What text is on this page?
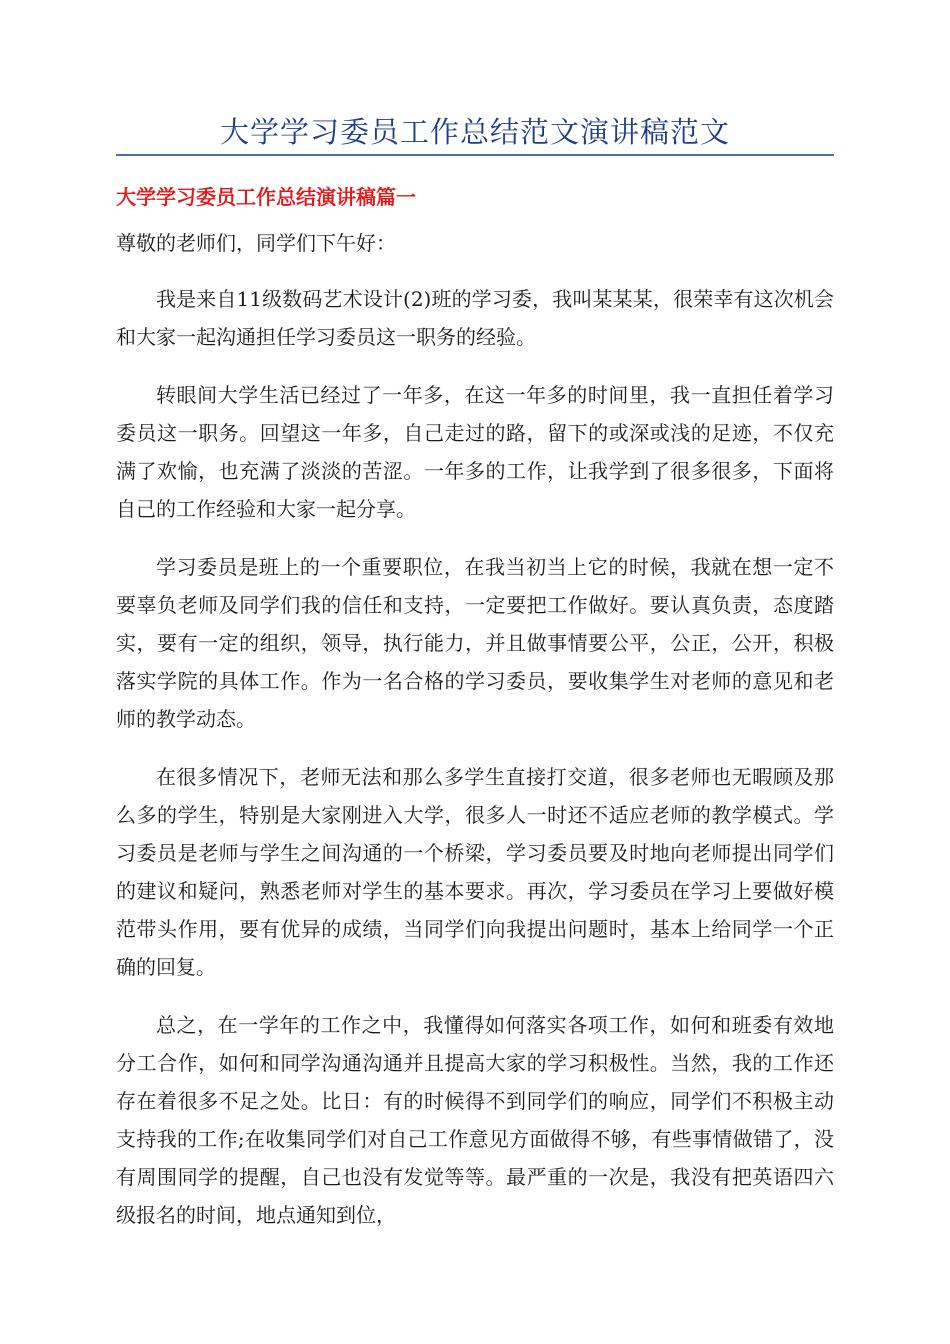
大学学习委员工作总结范文演讲稿范文
大学学习委员工作总结演讲稿篇一

尊敬的老师们，同学们下午好：

我是来自11级数码艺术设计(2)班的学习委，我叫某某某，很荣幸有这次机会和大家一起沟通担任学习委员这一职务的经验。

转眼间大学生活已经过了一年多，在这一年多的时间里，我一直担任着学习委员这一职务。回望这一年多，自己走过的路，留下的或深或浅的足迹，不仅充满了欢愉，也充满了淡淡的苦涩。一年多的工作，让我学到了很多很多，下面将自己的工作经验和大家一起分享。

学习委员是班上的一个重要职位，在我当初当上它的时候，我就在想一定不要辜负老师及同学们我的信任和支持，一定要把工作做好。要认真负责，态度踏实，要有一定的组织，领导，执行能力，并且做事情要公平，公正，公开，积极落实学院的具体工作。作为一名合格的学习委员，要收集学生对老师的意见和老师的教学动态。

在很多情况下，老师无法和那么多学生直接打交道，很多老师也无暇顾及那么多的学生，特别是大家刚进入大学，很多人一时还不适应老师的教学模式。学习委员是老师与学生之间沟通的一个桥梁，学习委员要及时地向老师提出同学们的建议和疑问，熟悉老师对学生的基本要求。再次，学习委员在学习上要做好模范带头作用，要有优异的成绩，当同学们向我提出问题时，基本上给同学一个正确的回复。

总之，在一学年的工作之中，我懂得如何落实各项工作，如何和班委有效地分工合作，如何和同学沟通沟通并且提高大家的学习积极性。当然，我的工作还存在着很多不足之处。比日：有的时候得不到同学们的响应，同学们不积极主动支持我的工作;在收集同学们对自己工作意见方面做得不够，有些事情做错了，没有周围同学的提醒，自己也没有发觉等等。最严重的一次是，我没有把英语四六级报名的时间，地点通知到位，
